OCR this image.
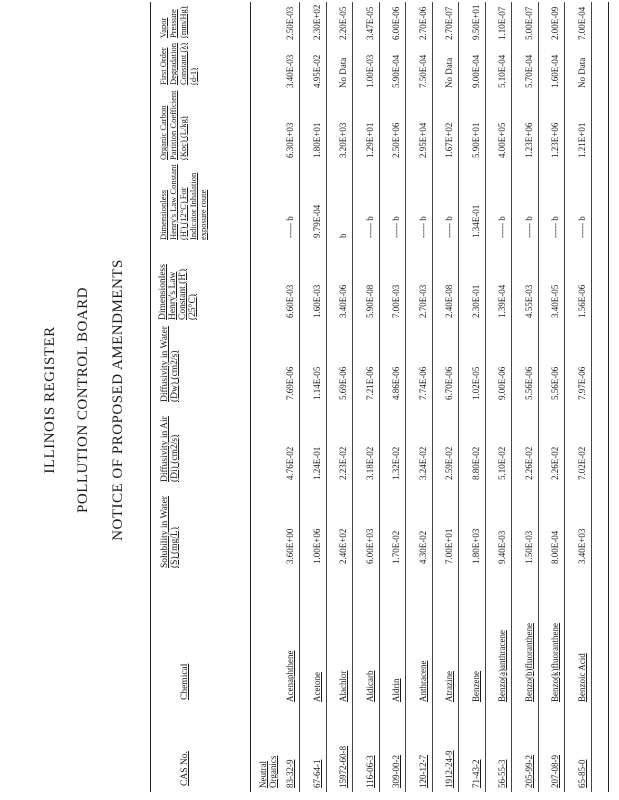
ILLINOIS REGISTER POLLUTION CONTROL BOARD NOTICE OF PROPOSED AMENDMENTS
CAS No.
Chemical
Solubility in Water (S) (mg/L)
Diffusivity in Air (Di) (cm2/s)
Diffusivity in Water (Dw) (cm2/s)
Dimensionless Henry's Law Constant (H') (25°C)
Dimensionless Henry's Law Constant (H') (12°C) For Indicator Inhalation exposure route
Organic Carbon Partition Coefficient (Koc) (L/kg)
First Order Degradation Constant (λ) (d-1)
Vapor Pressure (mm/Hg)
Neutral Organics 83-32-9
Acenaphthene
3.60E+00
4.76E-02
7.69E-06
6.60E-03
----- b
6.30E+03
3.40E-03
2.50E-03
67-64-1
Acetone
1.00E+06
1.24E-01
1.14E-05
1.60E-03
9.79E-04
1.80E+01
4.95E-02
2.30E+02
15972-60-8
Alachlor
2.40E+02
2.23E-02
5.69E-06
3.40E-06
b
3.20E+03
No Data
2.20E-05
116-06-3
Aldicarb
6.00E+03
3.18E-02
7.21E-06
5.90E-08
----- b
1.29E+01
1.00E-03
3.47E-05
309-00-2
Aldrin
1.70E-02
1.32E-02
4.86E-06
7.00E-03
----- b
2.50E+06
5.90E-04
6.00E-06
120-12-7
Anthracene
4.30E-02
3.24E-02
7.74E-06
2.70E-03
----- b
2.95E+04
7.50E-04
2.70E-06
1912-24-9
Atrazine
7.00E+01
2.59E-02
6.70E-06
2.40E-08
----- b
1.67E+02
No Data
2.70E-07
71-43-2
Benzene
1.80E+03
8.80E-02
1.02E-05
2.30E-01
1.34E-01
5.90E+01
9.00E-04
9.50E+01
56-55-3
Benzo(a)anthracene
9.40E-03
5.10E-02
9.00E-06
1.39E-04
----- b
4.00E+05
5.10E-04
1.10E-07
205-99-2
Benzo(b)fluoranthene
1.50E-03
2.26E-02
5.56E-06
4.55E-03
----- b
1.23E+06
5.70E-04
5.00E-07
207-08-9
Benzo(k)fluoranthene
8.00E-04
2.26E-02
5.56E-06
3.40E-05
----- b
1.23E+06
1.60E-04
2.00E-09
65-85-0
Benzoic Acid
3.40E+03
7.02E-02
7.97E-06
1.56E-06
----- b
1.21E+01
No Data
7.00E-04
